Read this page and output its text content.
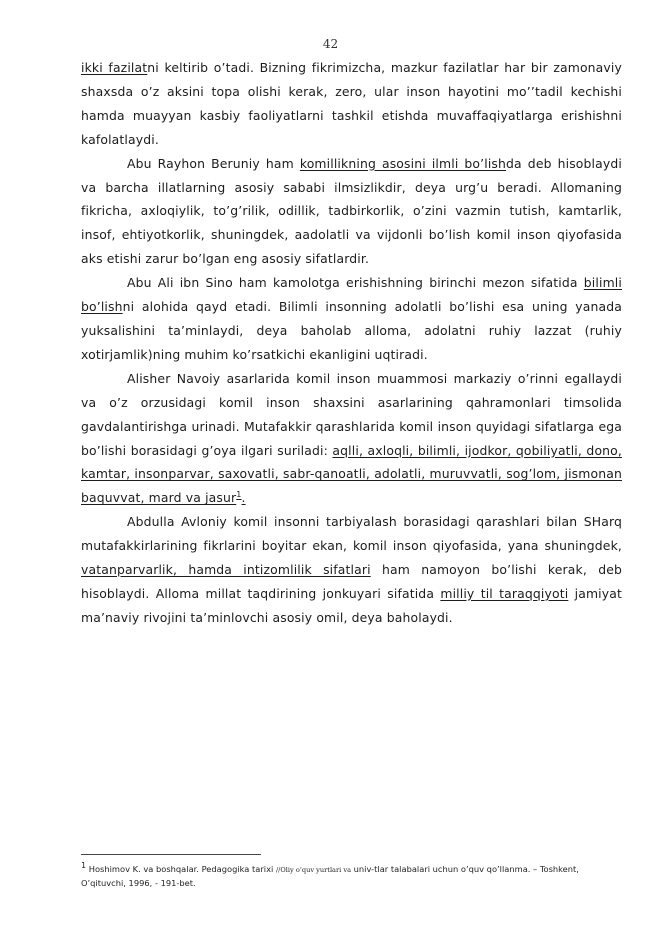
42

ikki fazilatni keltirib o’tadi. Bizning fikrimizcha, mazkur fazilatlar har bir zamonaviy shaxsda o’z aksini topa olishi kerak, zero, ular inson hayotini mo’’tadil kechishi hamda muayyan kasbiy faoliyatlarni tashkil etishda muvaffaqiyatlarga erishishni kafolatlaydi.

Abu Rayhon Beruniy ham komillikning asosini ilmli bo’lishda deb hisoblaydi va barcha illatlarning asosiy sababi ilmsizlikdir, deya urg’u beradi. Allomaning fikricha, axloqiylik, to’g’rilik, odillik, tadbirkorlik, o’zini vazmin tutish, kamtarlik, insof, ehtiyotkorlik, shuningdek, aadolatli va vijdonli bo’lish komil inson qiyofasida aks etishi zarur bo’lgan eng asosiy sifatlardir.

Abu Ali ibn Sino ham kamolotga erishishning birinchi mezon sifatida bilimli bo’lishni alohida qayd etadi. Bilimli insonning adolatli bo’lishi esa uning yanada yuksalishini ta’minlaydi, deya baholab alloma, adolatni ruhiy lazzat (ruhiy xotirjamlik)ning muhim ko’rsatkichi ekanligini uqtiradi.

Alisher Navoiy asarlarida komil inson muammosi markaziy o’rinni egallaydi va o’z orzusidagi komil inson shaxsini asarlarining qahramonlari timsolida gavdalantirishga urinadi. Mutafakkir qarashlarida komil inson quyidagi sifatlarga ega bo’lishi borasidagi g’oya ilgari suriladi: aqlli, axloqli, bilimli, ijodkor, qobiliyatli, dono, kamtar, insonparvar, saxovatli, sabr-qanoatli, adolatli, muruvvatli, sog’lom, jismonan baquvvat, mard va jasur$^1$.

Abdulla Avloniy komil insonni tarbiyalash borasidagi qarashlari bilan SHarq mutafakkirlarining fikrlarini boyitar ekan, komil inson qiyofasida, yana shuningdek, vatanparvarlik, hamda intizomlilik sifatlari ham namoyon bo’lishi kerak, deb hisoblaydi. Alloma millat taqdirining jonkuyari sifatida milliy til taraqqiyoti jamiyat ma’naviy rivojini ta’minlovchi asosiy omil, deya baholaydi.

$^1$ Hoshimov K. va boshqalar. Pedagogika tarixi //Oliy o’quv yurtlari va univ-tlar talabalari uchun o’quv qo’llanma. – Toshkent, O’qituvchi, 1996, - 191-bet.
